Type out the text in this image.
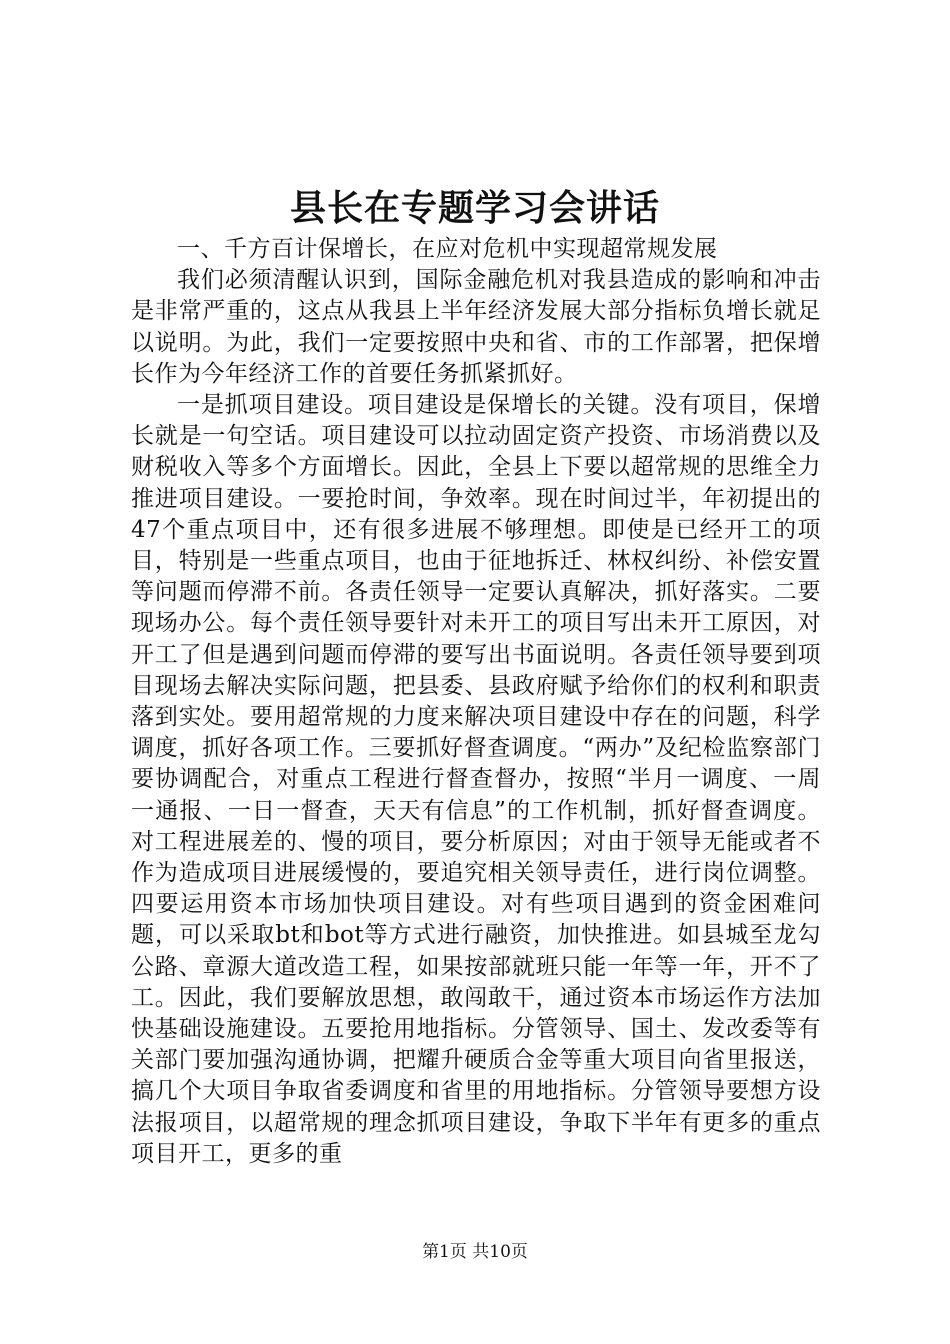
县长在专题学习会讲话

一、千方百计保增长，在应对危机中实现超常规发展

我们必须清醒认识到，国际金融危机对我县造成的影响和冲击是非常严重的，这点从我县上半年经济发展大部分指标负增长就足以说明。为此，我们一定要按照中央和省、市的工作部署，把保增长作为今年经济工作的首要任务抓紧抓好。

一是抓项目建设。项目建设是保增长的关键。没有项目，保增长就是一句空话。项目建设可以拉动固定资产投资、市场消费以及财税收入等多个方面增长。因此，全县上下要以超常规的思维全力推进项目建设。一要抢时间，争效率。现在时间过半，年初提出的47个重点项目中，还有很多进展不够理想。即使是已经开工的项目，特别是一些重点项目，也由于征地拆迁、林权纠纷、补偿安置等问题而停滞不前。各责任领导一定要认真解决，抓好落实。二要现场办公。每个责任领导要针对未开工的项目写出未开工原因，对开工了但是遇到问题而停滞的要写出书面说明。各责任领导要到项目现场去解决实际问题，把县委、县政府赋予给你们的权利和职责落到实处。要用超常规的力度来解决项目建设中存在的问题，科学调度，抓好各项工作。三要抓好督查调度。“两办”及纪检监察部门要协调配合，对重点工程进行督查督办，按照“半月一调度、一周一通报、一日一督查，天天有信息”的工作机制，抓好督查调度。对工程进展差的、慢的项目，要分析原因；对由于领导无能或者不作为造成项目进展缓慢的，要追究相关领导责任，进行岗位调整。四要运用资本市场加快项目建设。对有些项目遇到的资金困难问题，可以采取bt和bot等方式进行融资，加快推进。如县城至龙勾公路、章源大道改造工程，如果按部就班只能一年等一年，开不了工。因此，我们要解放思想，敢闯敢干，通过资本市场运作方法加快基础设施建设。五要抢用地指标。分管领导、国土、发改委等有关部门要加强沟通协调，把耀升硬质合金等重大项目向省里报送，搞几个大项目争取省委调度和省里的用地指标。分管领导要想方设法报项目，以超常规的理念抓项目建设，争取下半年有更多的重点项目开工，更多的重

第1页 共10页
